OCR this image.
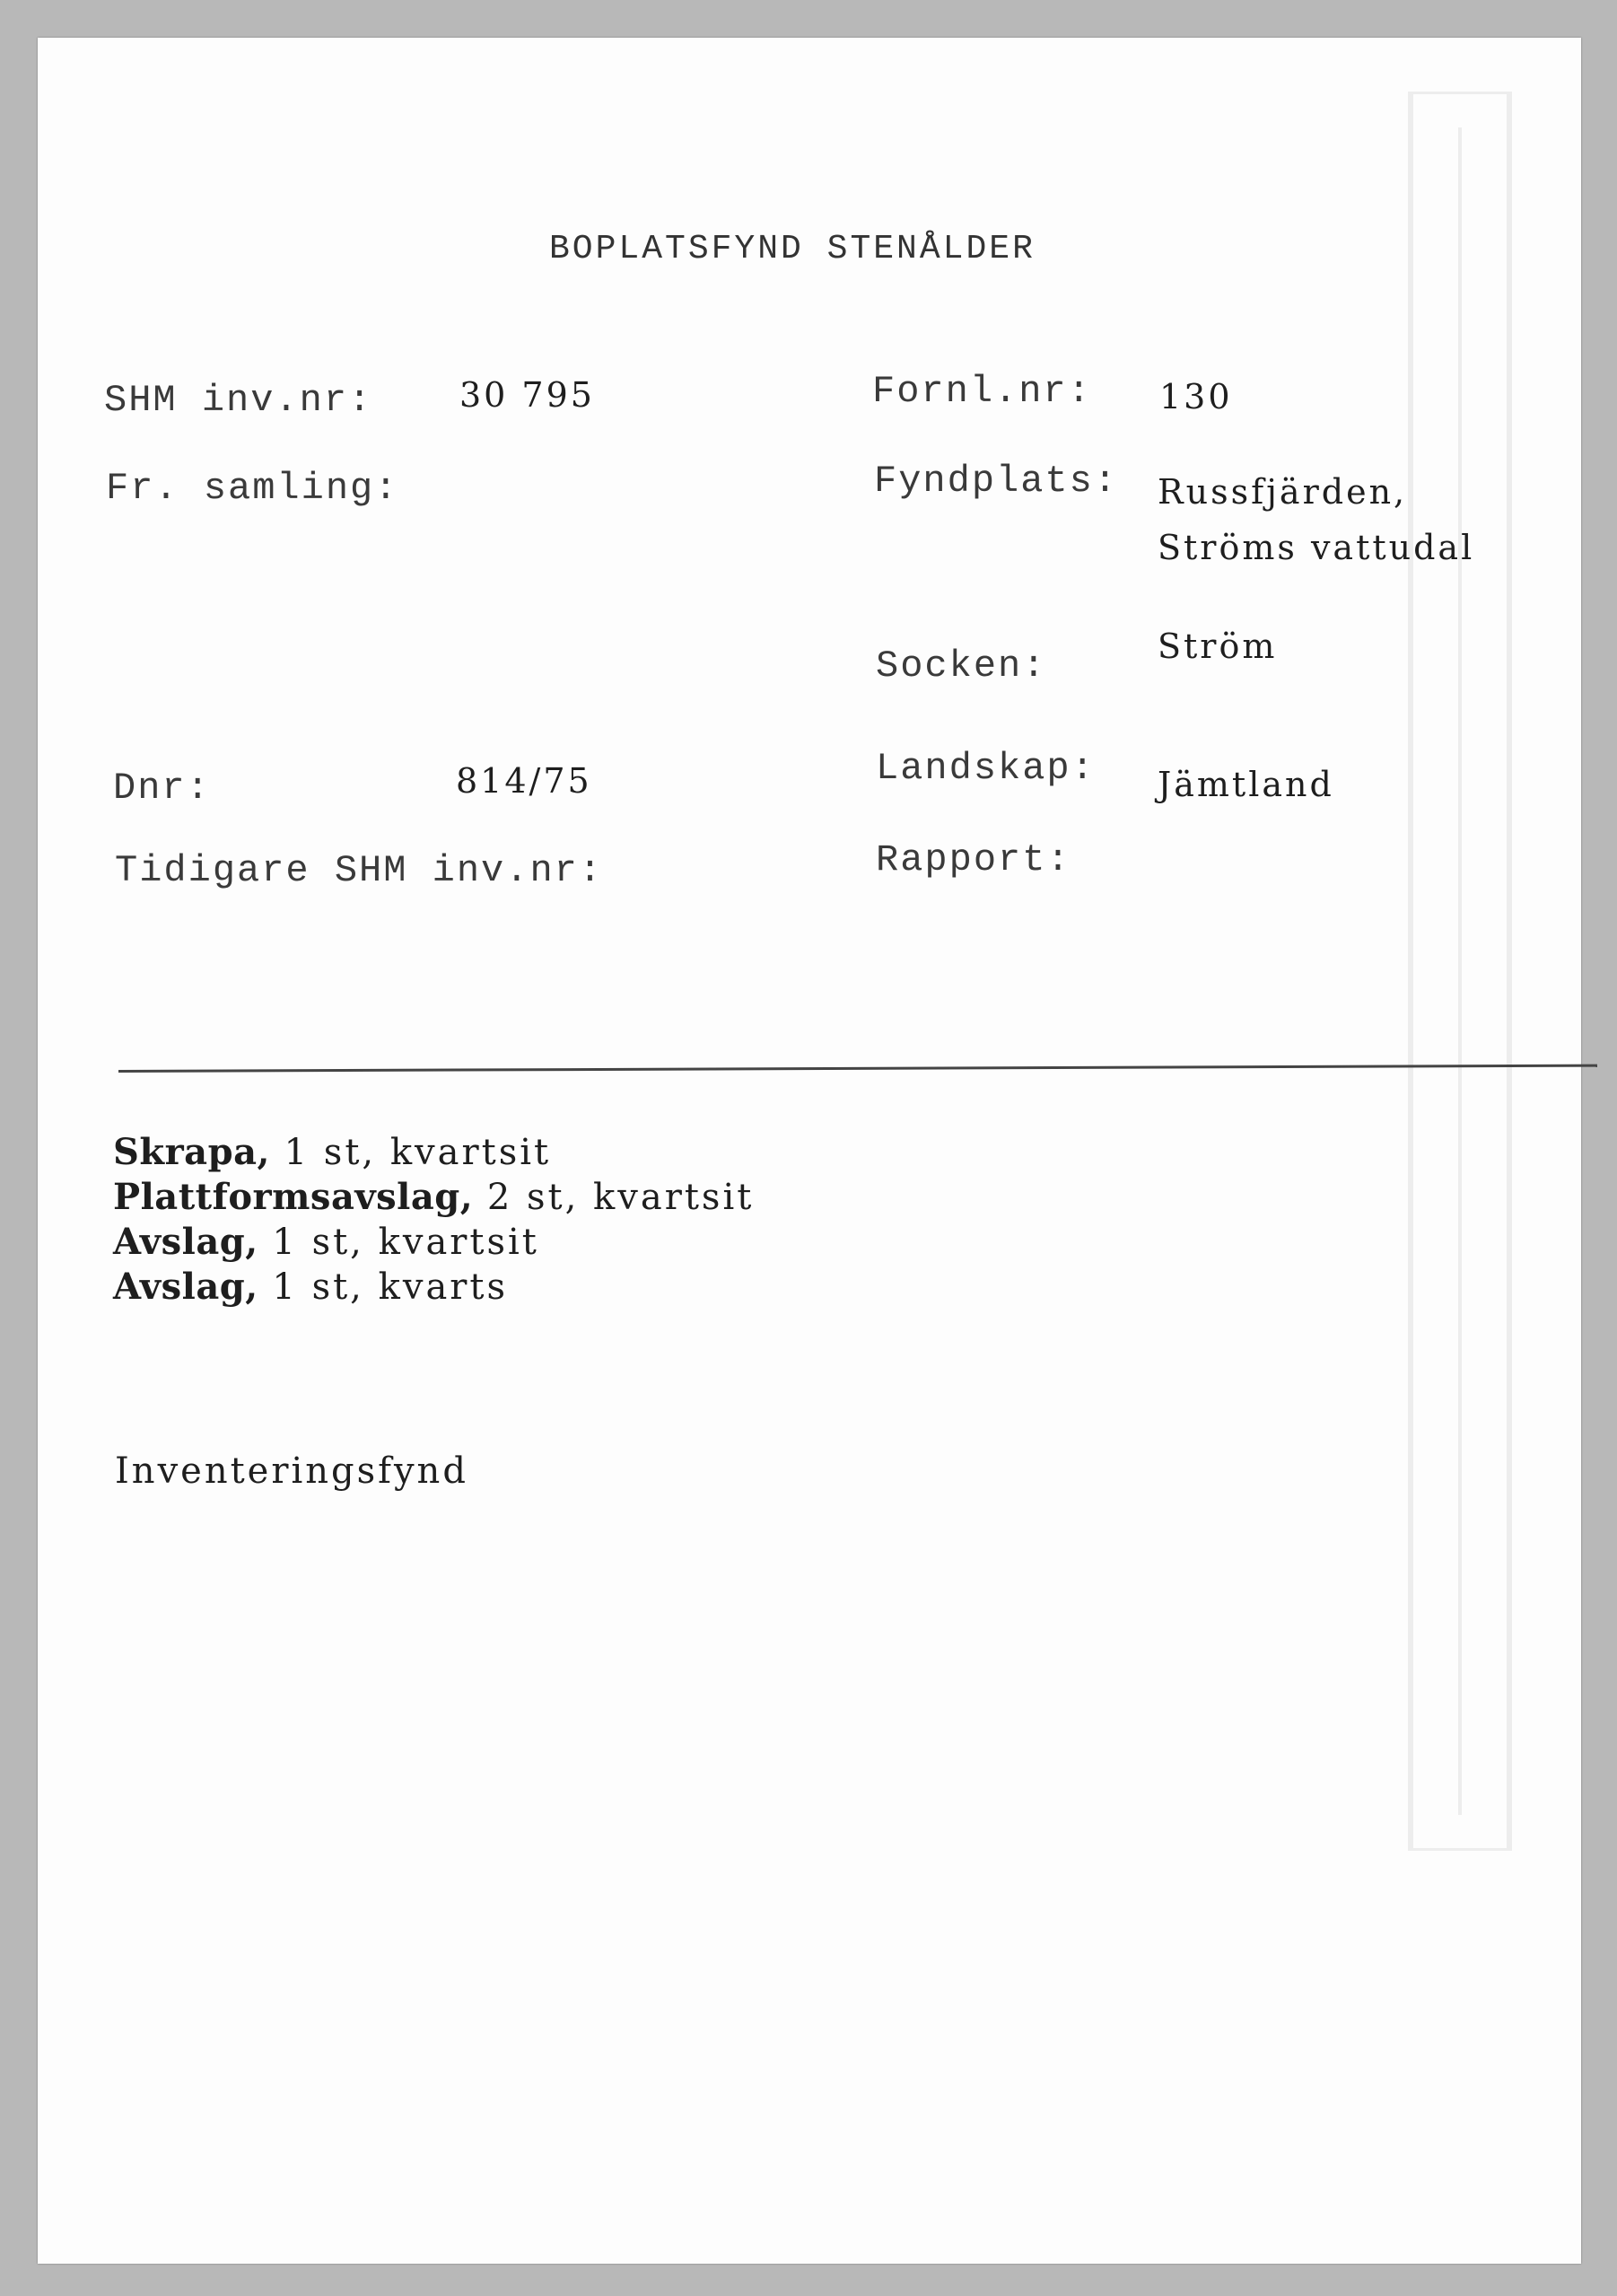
BOPLATSFYND STENÅLDER
SHM inv.nr:	30 795
Fr. samling:
Dnr:	814/75
Tidigare SHM inv.nr:
Fornl.nr: 130
Fyndplats: Russfjärden,
Ströms vattudal
Socken:	Ström
Landskap: Jämtland
Rapport:
Skrapa, 1 st, kvartsit
Plattformsavslag, 2 st, kvartsit
Avslag, 1 st, kvartsit
Avslag, 1 st, kvarts
Inventeringsfynd
